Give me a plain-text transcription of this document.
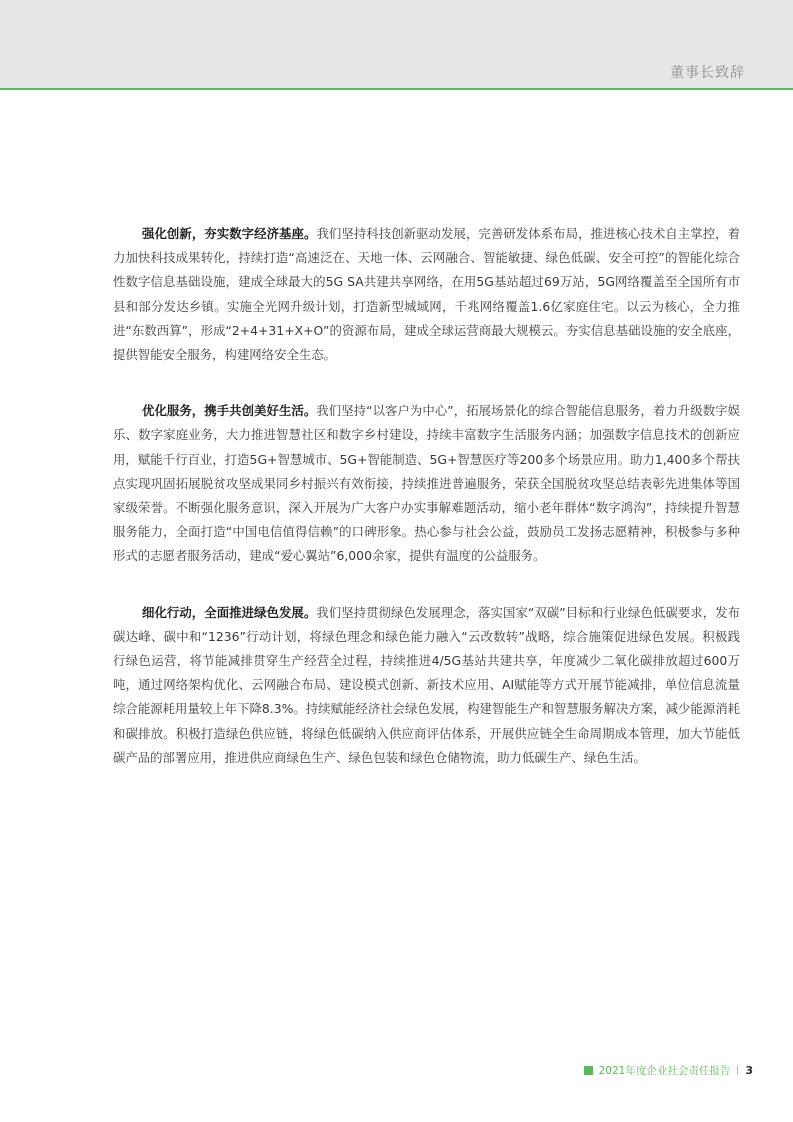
董事长致辞

强化创新，夯实数字经济基座。我们坚持科技创新驱动发展，完善研发体系布局，推进核心技术自主掌控，着力加快科技成果转化，持续打造“高速泛在、天地一体、云网融合、智能敏捷、绿色低碳、安全可控”的智能化综合性数字信息基础设施，建成全球最大的5G SA共建共享网络，在用5G基站超过69万站，5G网络覆盖至全国所有市县和部分发达乡镇。实施全光网升级计划，打造新型城域网，千兆网络覆盖1.6亿家庭住宅。以云为核心，全力推进“东数西算”，形成“2+4+31+X+O”的资源布局，建成全球运营商最大规模云。夯实信息基础设施的安全底座，提供智能安全服务，构建网络安全生态。

优化服务，携手共创美好生活。我们坚持“以客户为中心”，拓展场景化的综合智能信息服务，着力升级数字娱乐、数字家庭业务，大力推进智慧社区和数字乡村建设，持续丰富数字生活服务内涵；加强数字信息技术的创新应用，赋能千行百业，打造5G+智慧城市、5G+智能制造、5G+智慧医疗等200多个场景应用。助力1,400多个帮扶点实现巩固拓展脱贫攻坚成果同乡村振兴有效衔接，持续推进普遍服务，荣获全国脱贫攻坚总结表彰先进集体等国家级荣誉。不断强化服务意识，深入开展为广大客户办实事解难题活动，缩小老年群体“数字鸿沟”，持续提升智慧服务能力，全面打造“中国电信值得信赖”的口碑形象。热心参与社会公益，鼓励员工发扬志愿精神，积极参与多种形式的志愿者服务活动，建成“爱心翼站”6,000余家，提供有温度的公益服务。

细化行动，全面推进绿色发展。我们坚持贯彻绿色发展理念，落实国家“双碳”目标和行业绿色低碳要求，发布碳达峰、碳中和“1236”行动计划，将绿色理念和绿色能力融入“云改数转”战略，综合施策促进绿色发展。积极践行绿色运营，将节能减排贯穿生产经营全过程，持续推进4/5G基站共建共享，年度减少二氧化碳排放超过600万吨，通过网络架构优化、云网融合布局、建设模式创新、新技术应用、AI赋能等方式开展节能减排，单位信息流量综合能源耗用量较上年下降8.3%。持续赋能经济社会绿色发展，构建智能生产和智慧服务解决方案，减少能源消耗和碳排放。积极打造绿色供应链，将绿色低碳纳入供应商评估体系，开展供应链全生命周期成本管理，加大节能低碳产品的部署应用，推进供应商绿色生产、绿色包装和绿色仓储物流，助力低碳生产、绿色生活。

2021年度企业社会责任报告 3
